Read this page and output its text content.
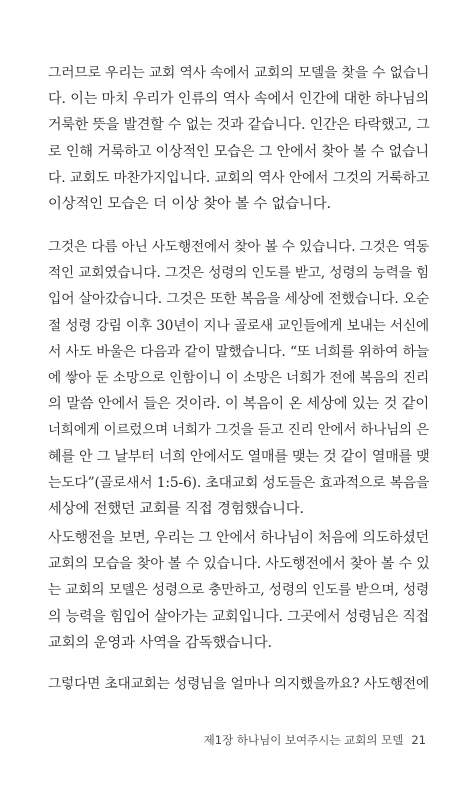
그러므로 우리는 교회 역사 속에서 교회의 모델을 찾을 수 없습니
다. 이는 마치 우리가 인류의 역사 속에서 인간에 대한 하나님의
거룩한 뜻을 발견할 수 없는 것과 같습니다. 인간은 타락했고, 그
로 인해 거룩하고 이상적인 모습은 그 안에서 찾아 볼 수 없습니
다. 교회도 마찬가지입니다. 교회의 역사 안에서 그것의 거룩하고
이상적인 모습은 더 이상 찾아 볼 수 없습니다.
그것은 다름 아닌 사도행전에서 찾아 볼 수 있습니다. 그것은 역동
적인 교회였습니다. 그것은 성령의 인도를 받고, 성령의 능력을 힘
입어 살아갔습니다. 그것은 또한 복음을 세상에 전했습니다. 오순
절 성령 강림 이후 30년이 지나 골로새 교인들에게 보내는 서신에
서 사도 바울은 다음과 같이 말했습니다. “또 너희를 위하여 하늘
에 쌓아 둔 소망으로 인함이니 이 소망은 너희가 전에 복음의 진리
의 말씀 안에서 들은 것이라. 이 복음이 온 세상에 있는 것 같이
너희에게 이르렀으며 너희가 그것을 듣고 진리 안에서 하나님의 은
혜를 안 그 날부터 너희 안에서도 열매를 맺는 것 같이 열매를 맺
는도다”(골로새서 1:5-6). 초대교회 성도들은 효과적으로 복음을
세상에 전했던 교회를 직접 경험했습니다.
사도행전을 보면, 우리는 그 안에서 하나님이 처음에 의도하셨던
교회의 모습을 찾아 볼 수 있습니다. 사도행전에서 찾아 볼 수 있
는 교회의 모델은 성령으로 충만하고, 성령의 인도를 받으며, 성령
의 능력을 힘입어 살아가는 교회입니다. 그곳에서 성령님은 직접
교회의 운영과 사역을 감독했습니다.
그렇다면 초대교회는 성령님을 얼마나 의지했을까요? 사도행전에
제1장 하나님이 보여주시는 교회의 모델 21
